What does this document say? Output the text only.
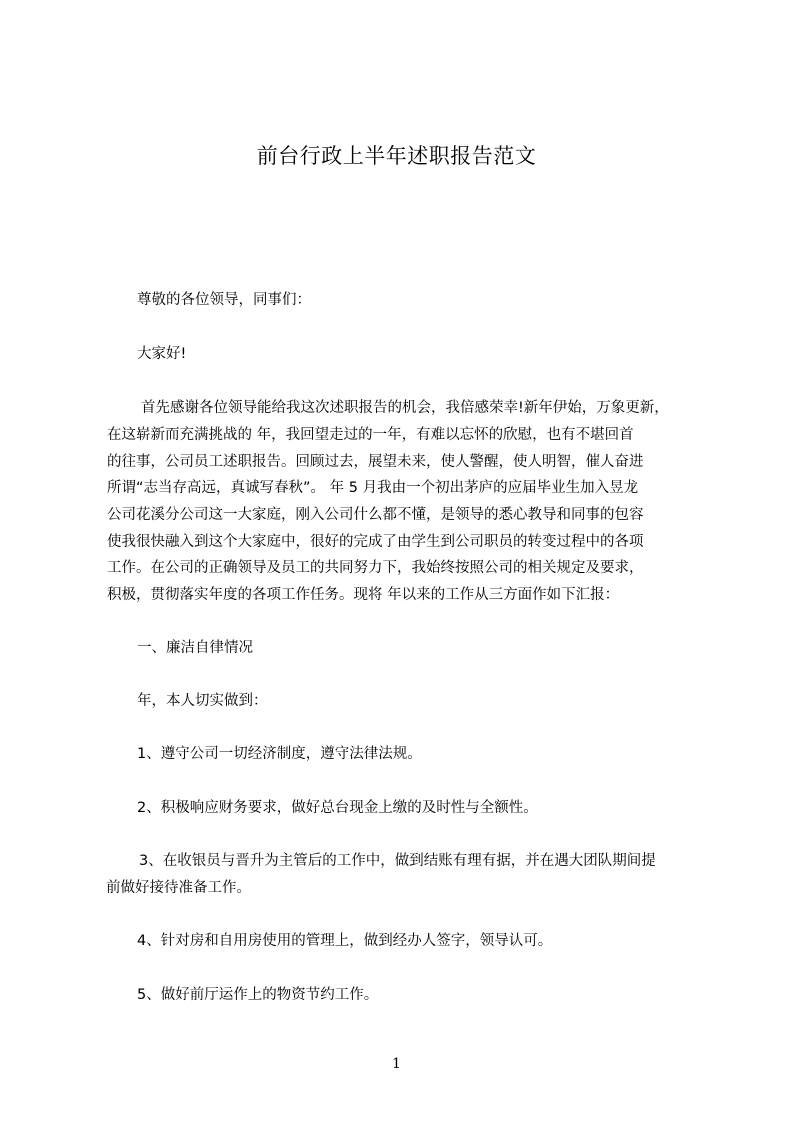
前台行政上半年述职报告范文

尊敬的各位领导，同事们：

大家好!

首先感谢各位领导能给我这次述职报告的机会，我倍感荣幸!新年伊始，万象更新，

在这崭新而充满挑战的 年，我回望走过的一年，有难以忘怀的欣慰，也有不堪回首

的往事，公司员工述职报告。回顾过去，展望未来，使人警醒，使人明智，催人奋进

所谓“志当存高远，真诚写春秋”。 年 5 月我由一个初出茅庐的应届毕业生加入昱龙

公司花溪分公司这一大家庭，刚入公司什么都不懂，是领导的悉心教导和同事的包容

使我很快融入到这个大家庭中，很好的完成了由学生到公司职员的转变过程中的各项

工作。在公司的正确领导及员工的共同努力下，我始终按照公司的相关规定及要求，

积极，贯彻落实年度的各项工作任务。现将 年以来的工作从三方面作如下汇报：

一、廉洁自律情况

年，本人切实做到：

1、遵守公司一切经济制度，遵守法律法规。

2、积极响应财务要求，做好总台现金上缴的及时性与全额性。

3、在收银员与晋升为主管后的工作中，做到结账有理有据，并在遇大团队期间提

前做好接待准备工作。

4、针对房和自用房使用的管理上，做到经办人签字，领导认可。

5、做好前厅运作上的物资节约工作。

1
